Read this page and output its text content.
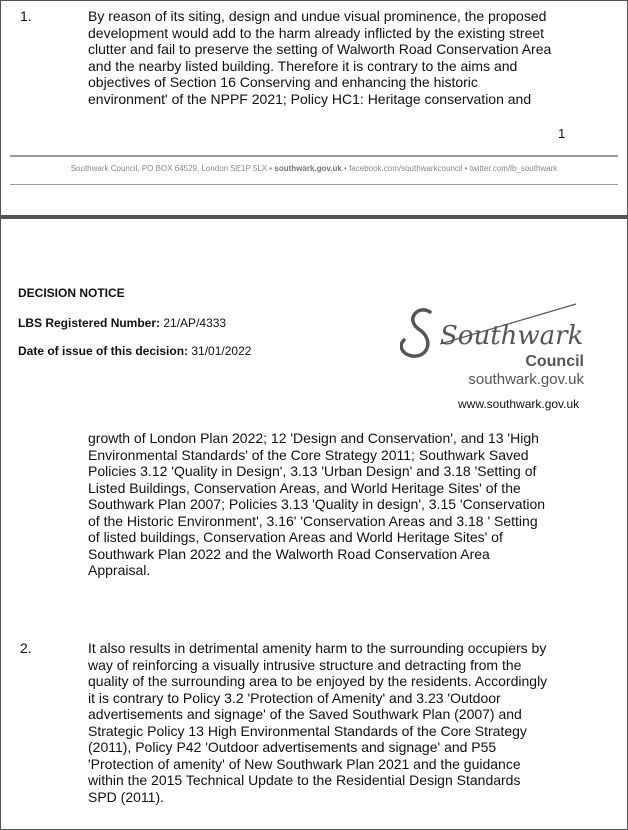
1.	By reason of its siting, design and undue visual prominence, the proposed
development would add to the harm already inflicted by the existing street
clutter and fail to preserve the setting of Walworth Road Conservation Area
and the nearby listed building. Therefore it is contrary to the aims and
objectives of Section 16 Conserving and enhancing the historic
environment' of the NPPF 2021; Policy HC1: Heritage conservation and
1
Southwark Council, PO BOX 64529, London SE1P 5LX • southwark.gov.uk • facebook.com/southwarkcouncil • twitter.com/lb_southwark
DECISION NOTICE
LBS Registered Number: 21/AP/4333
Date of issue of this decision: 31/01/2022	Southwark
Council
southwark.gov.uk
www.southwark.gov.uk
growth of London Plan 2022; 12 'Design and Conservation', and 13 'High
Environmental Standards' of the Core Strategy 2011; Southwark Saved
Policies 3.12 'Quality in Design', 3.13 'Urban Design' and 3.18 'Setting of
Listed Buildings, Conservation Areas, and World Heritage Sites' of the
Southwark Plan 2007; Policies 3.13 'Quality in design', 3.15 'Conservation
of the Historic Environment', 3.16' 'Conservation Areas and 3.18 ' Setting
of listed buildings, Conservation Areas and World Heritage Sites' of
Southwark Plan 2022 and the Walworth Road Conservation Area
Appraisal.
2.	It also results in detrimental amenity harm to the surrounding occupiers by
way of reinforcing a visually intrusive structure and detracting from the
quality of the surrounding area to be enjoyed by the residents. Accordingly
it is contrary to Policy 3.2 'Protection of Amenity' and 3.23 'Outdoor
advertisements and signage' of the Saved Southwark Plan (2007) and
Strategic Policy 13 High Environmental Standards of the Core Strategy
(2011), Policy P42 'Outdoor advertisements and signage' and P55
'Protection of amenity' of New Southwark Plan 2021 and the guidance
within the 2015 Technical Update to the Residential Design Standards
SPD (2011).
